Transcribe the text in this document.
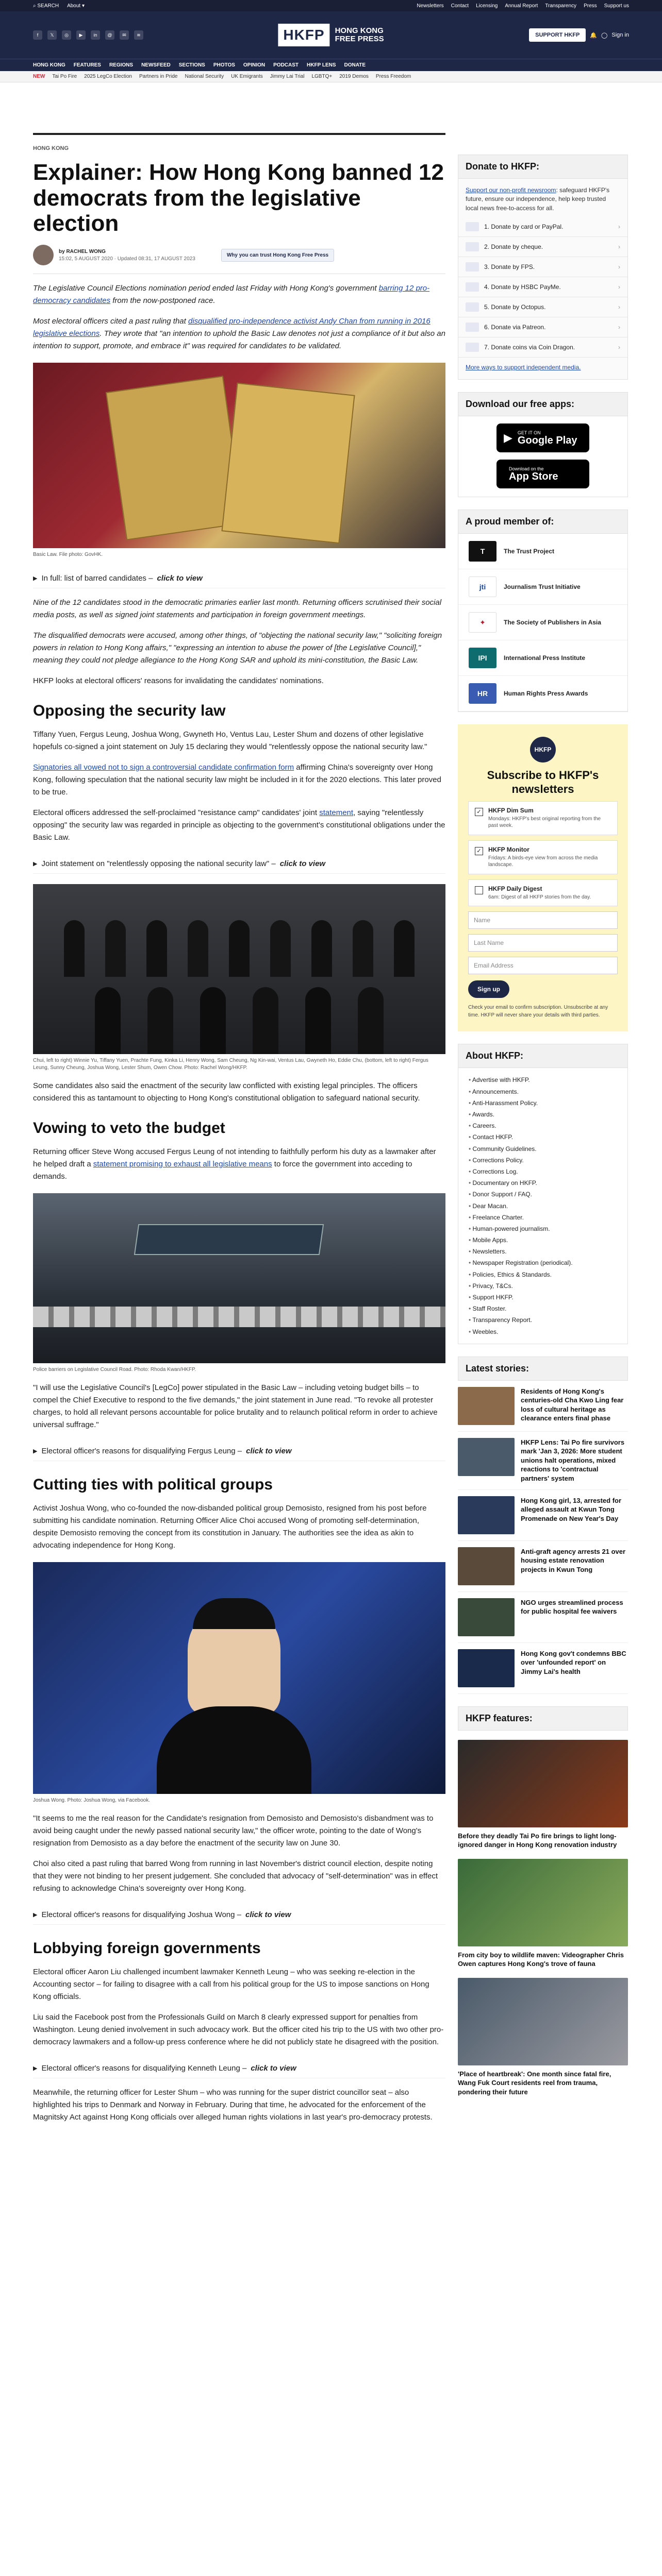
⌕ SEARCH About ▾	Newsletters Contact Licensing Annual Report Transparency Press Support us
f	𝕏	◎	▶	in	@	✉	≋	HKFP	HONG KONG
FREE PRESS	SUPPORT HKFP	🔔 ◯ Sign in
HONG KONG FEATURES REGIONS NEWSFEED SECTIONS PHOTOS OPINION PODCAST HKFP LENS DONATE
NEW Tai Po Fire 2025 LegCo Election Partners in Pride National Security UK Emigrants Jimmy Lai Trial LGBTQ+ 2019 Demos Press Freedom
HONG KONG
Explainer: How Hong Kong banned 12 democrats from the legislative election
by RACHEL WONG
15:02, 5 AUGUST 2020 · Updated 08:31, 17 AUGUST 2023
Why you can trust Hong Kong Free Press

The Legislative Council Elections nomination period ended last Friday with Hong Kong's government barring 12 pro-democracy candidates from the now-postponed race.

Most electoral officers cited a past ruling that disqualified pro-independence activist Andy Chan from running in 2016 legislative elections. They wrote that "an intention to uphold the Basic Law denotes not just a compliance of it but also an intention to support, promote, and embrace it" was required for candidates to be validated.

Basic Law. File photo: GovHK.
▶ In full: list of barred candidates – click to view

Nine of the 12 candidates stood in the democratic primaries earlier last month. Returning officers scrutinised their social media posts, as well as signed joint statements and participation in foreign government meetings.

The disqualified democrats were accused, among other things, of "objecting the national security law," "soliciting foreign powers in relation to Hong Kong affairs," "expressing an intention to abuse the power of [the Legislative Council]," meaning they could not pledge allegiance to the Hong Kong SAR and uphold its mini-constitution, the Basic Law.

HKFP looks at electoral officers' reasons for invalidating the candidates' nominations.

Opposing the security law

Tiffany Yuen, Fergus Leung, Joshua Wong, Gwyneth Ho, Ventus Lau, Lester Shum and dozens of other legislative hopefuls co-signed a joint statement on July 15 declaring they would "relentlessly oppose the national security law."

Signatories all vowed not to sign a controversial candidate confirmation form affirming China's sovereignty over Hong Kong, following speculation that the national security law might be included in it for the 2020 elections. This later proved to be true.

Electoral officers addressed the self-proclaimed "resistance camp" candidates' joint statement, saying "relentlessly opposing" the security law was regarded in principle as objecting to the government's constitutional obligations under the Basic Law.

▶ Joint statement on "relentlessly opposing the national security law" – click to view
Chui, left to right) Winnie Yu, Tiffany Yuen, Prachte Fung, Kinka Li, Henry Wong, Sam Cheung, Ng Kin-wai, Ventus Lau, Gwyneth Ho, Eddie Chu, (bottom, left to right) Fergus Leung, Sunny Cheung, Joshua Wong, Lester Shum, Owen Chow. Photo: Rachel Wong/HKFP.

Some candidates also said the enactment of the security law conflicted with existing legal principles. The officers considered this as tantamount to objecting to Hong Kong's constitutional obligation to safeguard national security.

Vowing to veto the budget

Returning officer Steve Wong accused Fergus Leung of not intending to faithfully perform his duty as a lawmaker after he helped draft a statement promising to exhaust all legislative means to force the government into acceding to demands.

Police barriers on Legislative Council Road. Photo: Rhoda Kwan/HKFP.

"I will use the Legislative Council's [LegCo] power stipulated in the Basic Law – including vetoing budget bills – to compel the Chief Executive to respond to the five demands," the joint statement in June read. "To revoke all protester charges, to hold all relevant persons accountable for police brutality and to relaunch political reform in order to achieve universal suffrage."

▶ Electoral officer's reasons for disqualifying Fergus Leung – click to view
Cutting ties with political groups

Activist Joshua Wong, who co-founded the now-disbanded political group Demosisto, resigned from his post before submitting his candidate nomination. Returning Officer Alice Choi accused Wong of promoting self-determination, despite Demosisto removing the concept from its constitution in January. The authorities see the idea as akin to advocating independence for Hong Kong.

Joshua Wong. Photo: Joshua Wong, via Facebook.

"It seems to me the real reason for the Candidate's resignation from Demosisto and Demosisto's disbandment was to avoid being caught under the newly passed national security law," the officer wrote, pointing to the date of Wong's resignation from Demosisto as a day before the enactment of the security law on June 30.

Choi also cited a past ruling that barred Wong from running in last November's district council election, despite noting that they were not binding to her present judgement. She concluded that advocacy of "self-determination" was in effect refusing to acknowledge China's sovereignty over Hong Kong.

▶ Electoral officer's reasons for disqualifying Joshua Wong – click to view
Lobbying foreign governments

Electoral officer Aaron Liu challenged incumbent lawmaker Kenneth Leung – who was seeking re-election in the Accounting sector – for failing to disagree with a call from his political group for the US to impose sanctions on Hong Kong officials.

Liu said the Facebook post from the Professionals Guild on March 8 clearly expressed support for penalties from Washington. Leung denied involvement in such advocacy work. But the officer cited his trip to the US with two other pro-democracy lawmakers and a follow-up press conference where he did not publicly state he disagreed with the position.

▶ Electoral officer's reasons for disqualifying Kenneth Leung – click to view

Meanwhile, the returning officer for Lester Shum – who was running for the super district councillor seat – also highlighted his trips to Denmark and Norway in February. During that time, he advocated for the enforcement of the Magnitsky Act against Hong Kong officials over alleged human rights violations in last year's pro-democracy protests.

Donate to HKFP:
Support our non-profit newsroom: safeguard HKFP's future, ensure our independence, help keep trusted local news free-to-access for all.
1. Donate by card or PayPal.	›
2. Donate by cheque.	›
3. Donate by FPS.	›
4. Donate by HSBC PayMe.	›
5. Donate by Octopus.	›
6. Donate via Patreon.	›
7. Donate coins via Coin Dragon.	›
More ways to support independent media.
Download our free apps:
▶ GET IT ON
Google Play
Download on the
App Store
A proud member of:
T	The Trust Project
jti	Journalism Trust Initiative
✦	The Society of Publishers in Asia
IPI	International Press Institute
HR	Human Rights Press Awards
HKFP
Subscribe to HKFP's newsletters
✓ HKFP Dim Sum
Mondays: HKFP's best original reporting from the past week.
✓ HKFP Monitor
Fridays: A birds-eye view from across the media landscape.
HKFP Daily Digest
6am: Digest of all HKFP stories from the day.
Name
Last Name
Email Address
Sign up
Check your email to confirm subscription. Unsubscribe at any time. HKFP will never share your details with third parties.
About HKFP:
• Advertise with HKFP.
• Announcements.
• Anti-Harassment Policy.
• Awards.
• Careers.
• Contact HKFP.
• Community Guidelines.
• Corrections Policy.
• Corrections Log.
• Documentary on HKFP.
• Donor Support / FAQ.
• Dear Macan.
• Freelance Charter.
• Human-powered journalism.
• Mobile Apps.
• Newsletters.
• Newspaper Registration (periodical).
• Policies, Ethics & Standards.
• Privacy, T&Cs.
• Support HKFP.
• Staff Roster.
• Transparency Report.
• Weebles.
Latest stories:
Residents of Hong Kong's centuries-old Cha Kwo Ling fear loss of cultural heritage as clearance enters final phase
HKFP Lens: Tai Po fire survivors mark 'Jan 3, 2026: More student unions halt operations, mixed reactions to 'contractual partners' system
Hong Kong girl, 13, arrested for alleged assault at Kwun Tong Promenade on New Year's Day
Anti-graft agency arrests 21 over housing estate renovation projects in Kwun Tong
NGO urges streamlined process for public hospital fee waivers
Hong Kong gov't condemns BBC over 'unfounded report' on Jimmy Lai's health
HKFP features:
Before they deadly Tai Po fire brings to light long-ignored danger in Hong Kong renovation industry
From city boy to wildlife maven: Videographer Chris Owen captures Hong Kong's trove of fauna
'Place of heartbreak': One month since fatal fire, Wang Fuk Court residents reel from trauma, pondering their future
